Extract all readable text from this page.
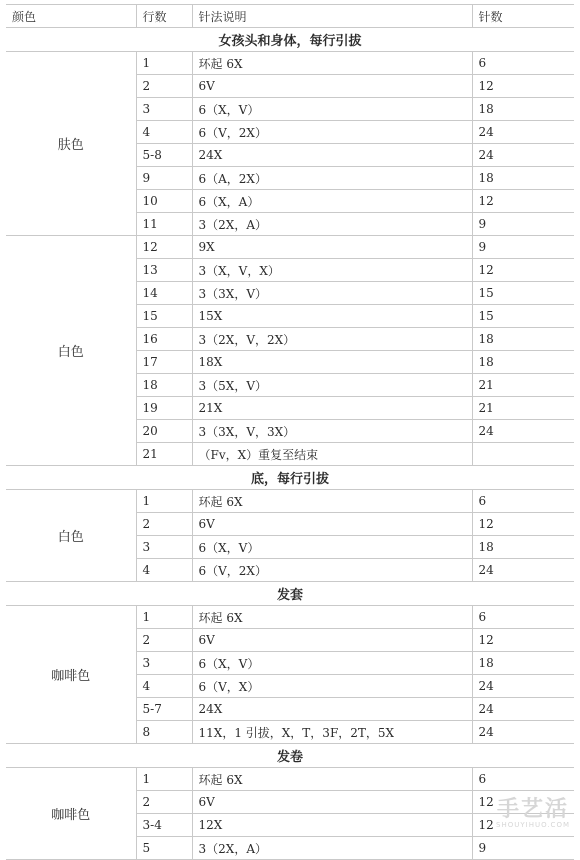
颜色	行数	针法说明	针数
女孩头和身体，每行引拔			
肤色	1	环起 6X	6
	2	6V	12
	3	6（X，V）	18
	4	6（V，2X）	24
	5-8	24X	24
	9	6（A，2X）	18
	10	6（X，A）	12
	11	3（2X，A）	9
白色	12	9X	9
	13	3（X，V，X）	12
	14	3（3X，V）	15
	15	15X	15
	16	3（2X，V，2X）	18
	17	18X	18
	18	3（5X，V）	21
	19	21X	21
	20	3（3X，V，3X）	24
	21	（Fv，X）重复至结束	
底，每行引拔			
白色	1	环起 6X	6
	2	6V	12
	3	6（X，V）	18
	4	6（V，2X）	24
发套			
咖啡色	1	环起 6X	6
	2	6V	12
	3	6（X，V）	18
	4	6（V，X）	24
	5-7	24X	24
	8	11X，1 引拔，X，T，3F，2T，5X	24
发卷			
咖啡色	1	环起 6X	6
	2	6V	12
	3-4	12X	12
	5	3（2X，A）	9
手艺活
SHOUYIHUO.COM
